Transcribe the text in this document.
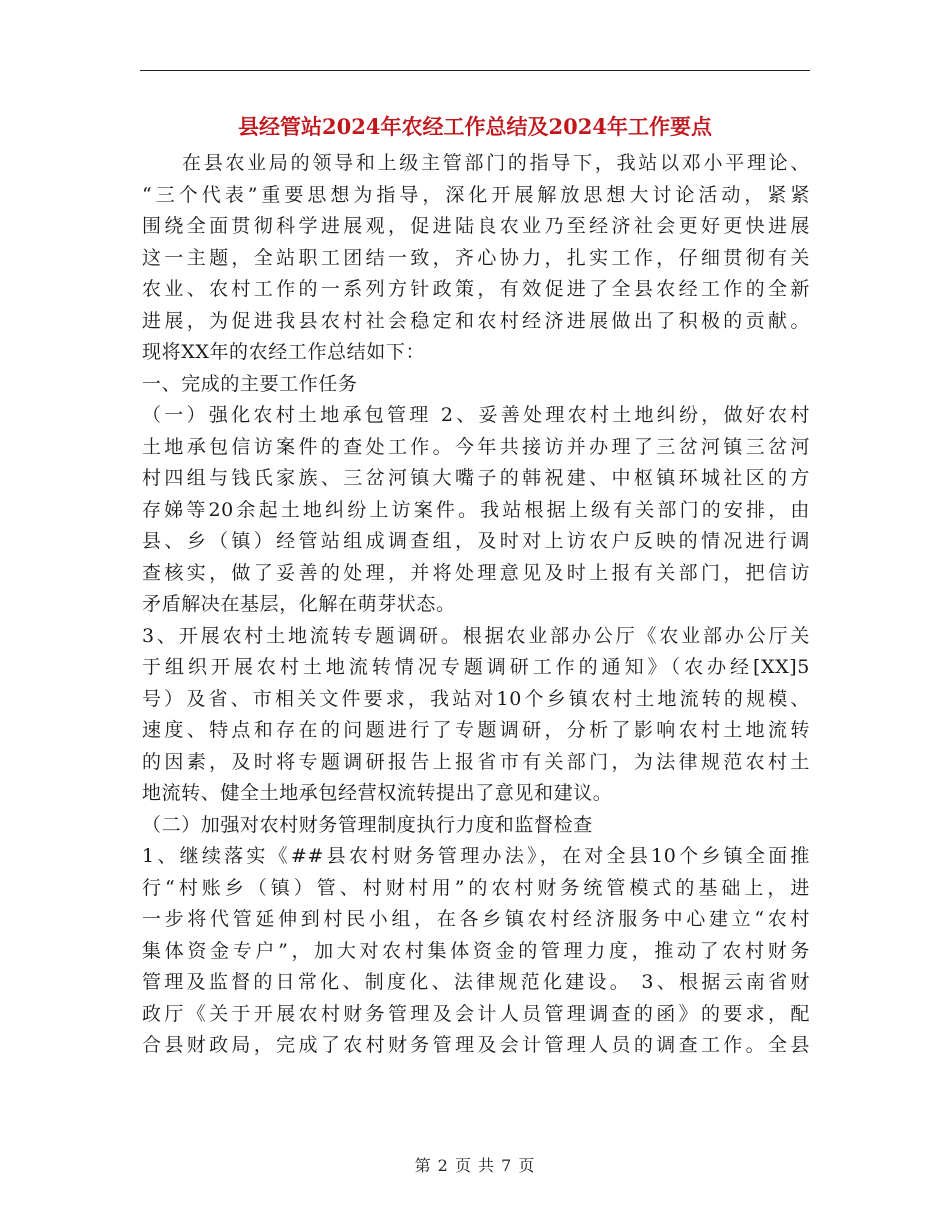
县经管站2024年农经工作总结及2024年工作要点
在县农业局的领导和上级主管部门的指导下，我站以邓小平理论、
“三个代表”重要思想为指导，深化开展解放思想大讨论活动，紧紧
围绕全面贯彻科学进展观，促进陆良农业乃至经济社会更好更快进展
这一主题，全站职工团结一致，齐心协力，扎实工作，仔细贯彻有关
农业、农村工作的一系列方针政策，有效促进了全县农经工作的全新
进展，为促进我县农村社会稳定和农村经济进展做出了积极的贡献。
现将XX年的农经工作总结如下：
一、完成的主要工作任务
（一）强化农村土地承包管理 2、妥善处理农村土地纠纷，做好农村
土地承包信访案件的查处工作。今年共接访并办理了三岔河镇三岔河
村四组与钱氏家族、三岔河镇大嘴子的韩祝建、中枢镇环城社区的方
存娣等20余起土地纠纷上访案件。我站根据上级有关部门的安排，由
县、乡（镇）经管站组成调查组，及时对上访农户反映的情况进行调
查核实，做了妥善的处理，并将处理意见及时上报有关部门，把信访
矛盾解决在基层，化解在萌芽状态。
3、开展农村土地流转专题调研。根据农业部办公厅《农业部办公厅关
于组织开展农村土地流转情况专题调研工作的通知》（农办经[XX]5
号）及省、市相关文件要求，我站对10个乡镇农村土地流转的规模、
速度、特点和存在的问题进行了专题调研，分析了影响农村土地流转
的因素，及时将专题调研报告上报省市有关部门，为法律规范农村土
地流转、健全土地承包经营权流转提出了意见和建议。
（二）加强对农村财务管理制度执行力度和监督检查
1、继续落实《##县农村财务管理办法》，在对全县10个乡镇全面推
行“村账乡（镇）管、村财村用”的农村财务统管模式的基础上，进
一步将代管延伸到村民小组，在各乡镇农村经济服务中心建立“农村
集体资金专户”，加大对农村集体资金的管理力度，推动了农村财务
管理及监督的日常化、制度化、法律规范化建设。 3、根据云南省财
政厅《关于开展农村财务管理及会计人员管理调查的函》的要求，配
合县财政局，完成了农村财务管理及会计管理人员的调查工作。全县
第 2 页 共 7 页
